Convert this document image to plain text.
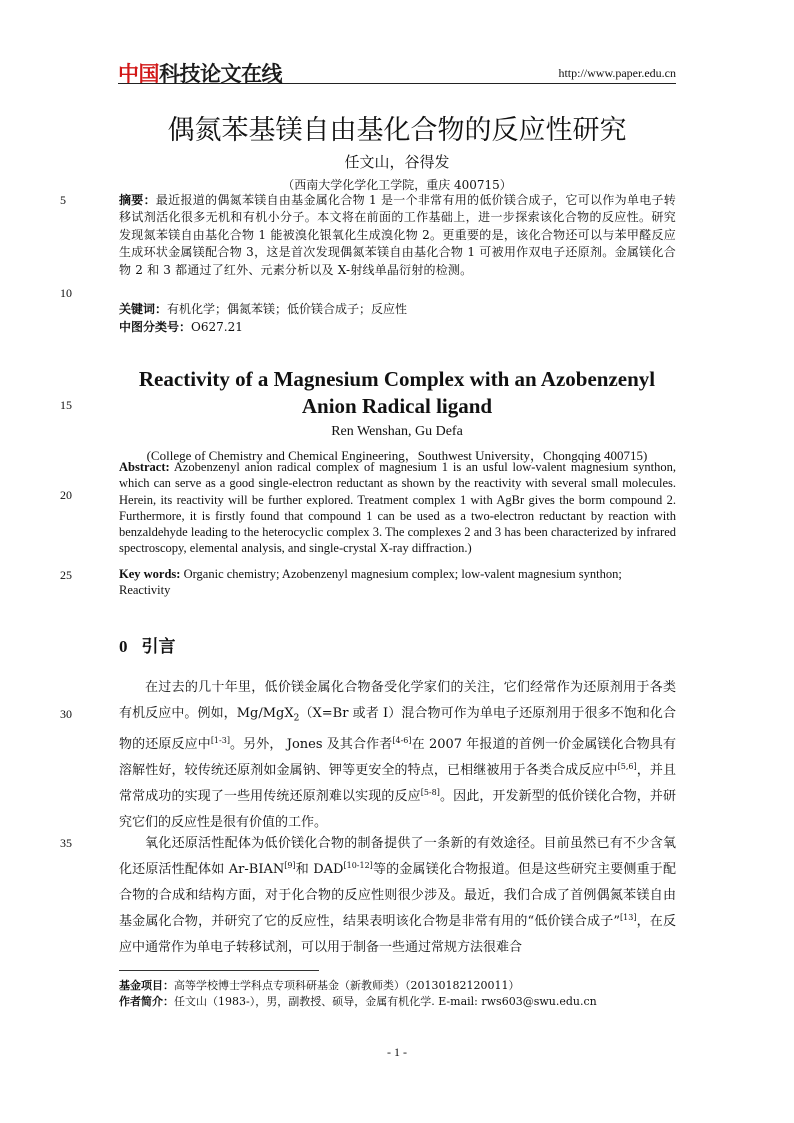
中国科技论文在线	http://www.paper.edu.cn
偶氮苯基镁自由基化合物的反应性研究
任文山，谷得发
（西南大学化学化工学院，重庆 400715）
5
10
15
20
25
30
35
摘要：最近报道的偶氮苯镁自由基金属化合物 1 是一个非常有用的低价镁合成子，它可以作为单电子转移试剂活化很多无机和有机小分子。本文将在前面的工作基础上，进一步探索该化合物的反应性。研究发现氮苯镁自由基化合物 1 能被溴化银氧化生成溴化物 2。更重要的是，该化合物还可以与苯甲醛反应生成环状金属镁配合物 3，这是首次发现偶氮苯镁自由基化合物 1 可被用作双电子还原剂。金属镁化合物 2 和 3 都通过了红外、元素分析以及 X-射线单晶衍射的检测。
关键词：有机化学；偶氮苯镁；低价镁合成子；反应性
中图分类号：O627.21
Reactivity of a Magnesium Complex with an Azobenzenyl
Anion Radical ligand
Ren Wenshan, Gu Defa
(College of Chemistry and Chemical Engineering，Southwest University，Chongqing 400715)
Abstract: Azobenzenyl anion radical complex of magnesium 1 is an usful low-valent magnesium synthon, which can serve as a good single-electron reductant as shown by the reactivity with several small molecules. Herein, its reactivity will be further explored. Treatment complex 1 with AgBr gives the borm compound 2. Furthermore, it is firstly found that compound 1 can be used as a two-electron reductant by reaction with benzaldehyde leading to the heterocyclic complex 3. The complexes 2 and 3 has been characterized by infrared spectroscopy, elemental analysis, and single-crystal X-ray diffraction.)
Key words: Organic chemistry; Azobenzenyl magnesium complex; low-valent magnesium synthon; Reactivity
0 引言

在过去的几十年里，低价镁金属化合物备受化学家们的关注，它们经常作为还原剂用于各类有机反应中。例如，Mg/MgX$_2$（X=Br 或者 I）混合物可作为单电子还原剂用于很多不饱和化合物的还原反应中[1-3]。另外， Jones 及其合作者[4-6]在 2007 年报道的首例一价金属镁化合物具有溶解性好，较传统还原剂如金属钠、钾等更安全的特点，已相继被用于各类合成反应中[5,6]，并且常常成功的实现了一些用传统还原剂难以实现的反应[5-8]。因此，开发新型的低价镁化合物，并研究它们的反应性是很有价值的工作。

氧化还原活性配体为低价镁化合物的制备提供了一条新的有效途径。目前虽然已有不少含氧化还原活性配体如 Ar-BIAN[9]和 DAD[10-12]等的金属镁化合物报道。但是这些研究主要侧重于配合物的合成和结构方面，对于化合物的反应性则很少涉及。最近，我们合成了首例偶氮苯镁自由基金属化合物，并研究了它的反应性，结果表明该化合物是非常有用的“低价镁合成子”[13]，在反应中通常作为单电子转移试剂，可以用于制备一些通过常规方法很难合

基金项目：高等学校博士学科点专项科研基金（新教师类）（20130182120011）
作者简介：任文山（1983-），男，副教授、硕导，金属有机化学. E-mail: rws603@swu.edu.cn
- 1 -
